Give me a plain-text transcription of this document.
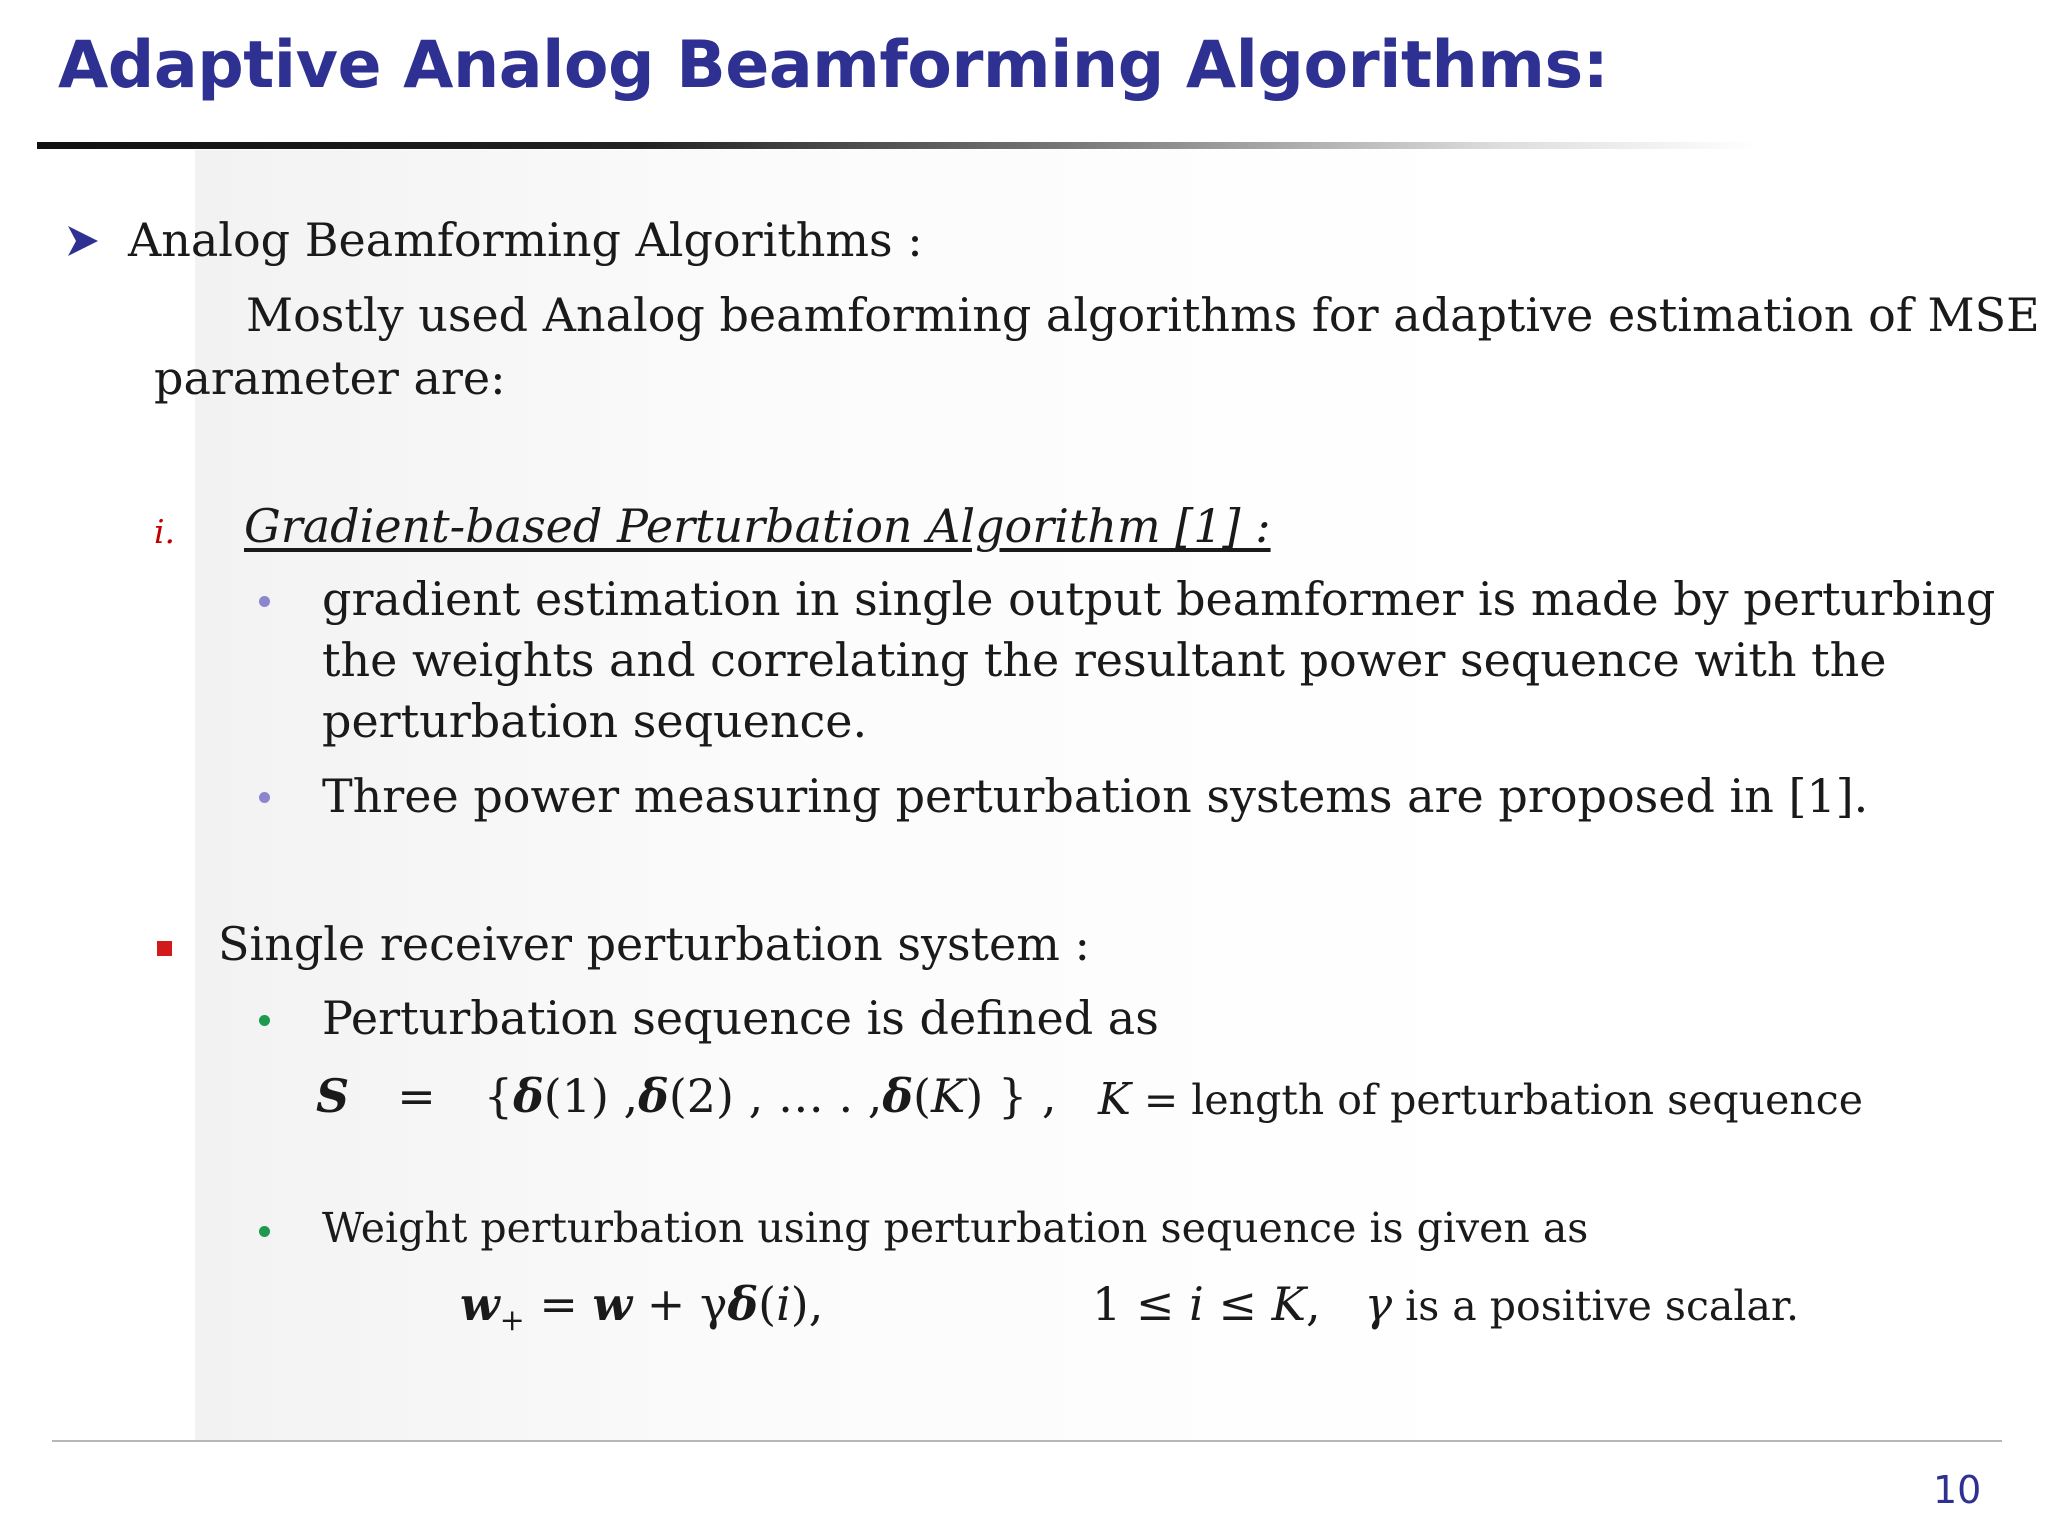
Adaptive Analog Beamforming Algorithms:
Analog Beamforming Algorithms :
Mostly used Analog beamforming algorithms for adaptive estimation of MSE
parameter are:
i. Gradient-based Perturbation Algorithm [1] :
gradient estimation in single output beamformer is made by perturbing
the weights and correlating the resultant power sequence with the
perturbation sequence.
Three power measuring perturbation systems are proposed in [1].
Single receiver perturbation system :
Perturbation sequence is defined as
S = {δ(1) ,δ(2) , … . ,δ(K) } , K = length of perturbation sequence
Weight perturbation using perturbation sequence is given as
$w_+ = w + \gamma\delta(i)$,	1 ≤ i ≤ K, γ is a positive scalar.
10
